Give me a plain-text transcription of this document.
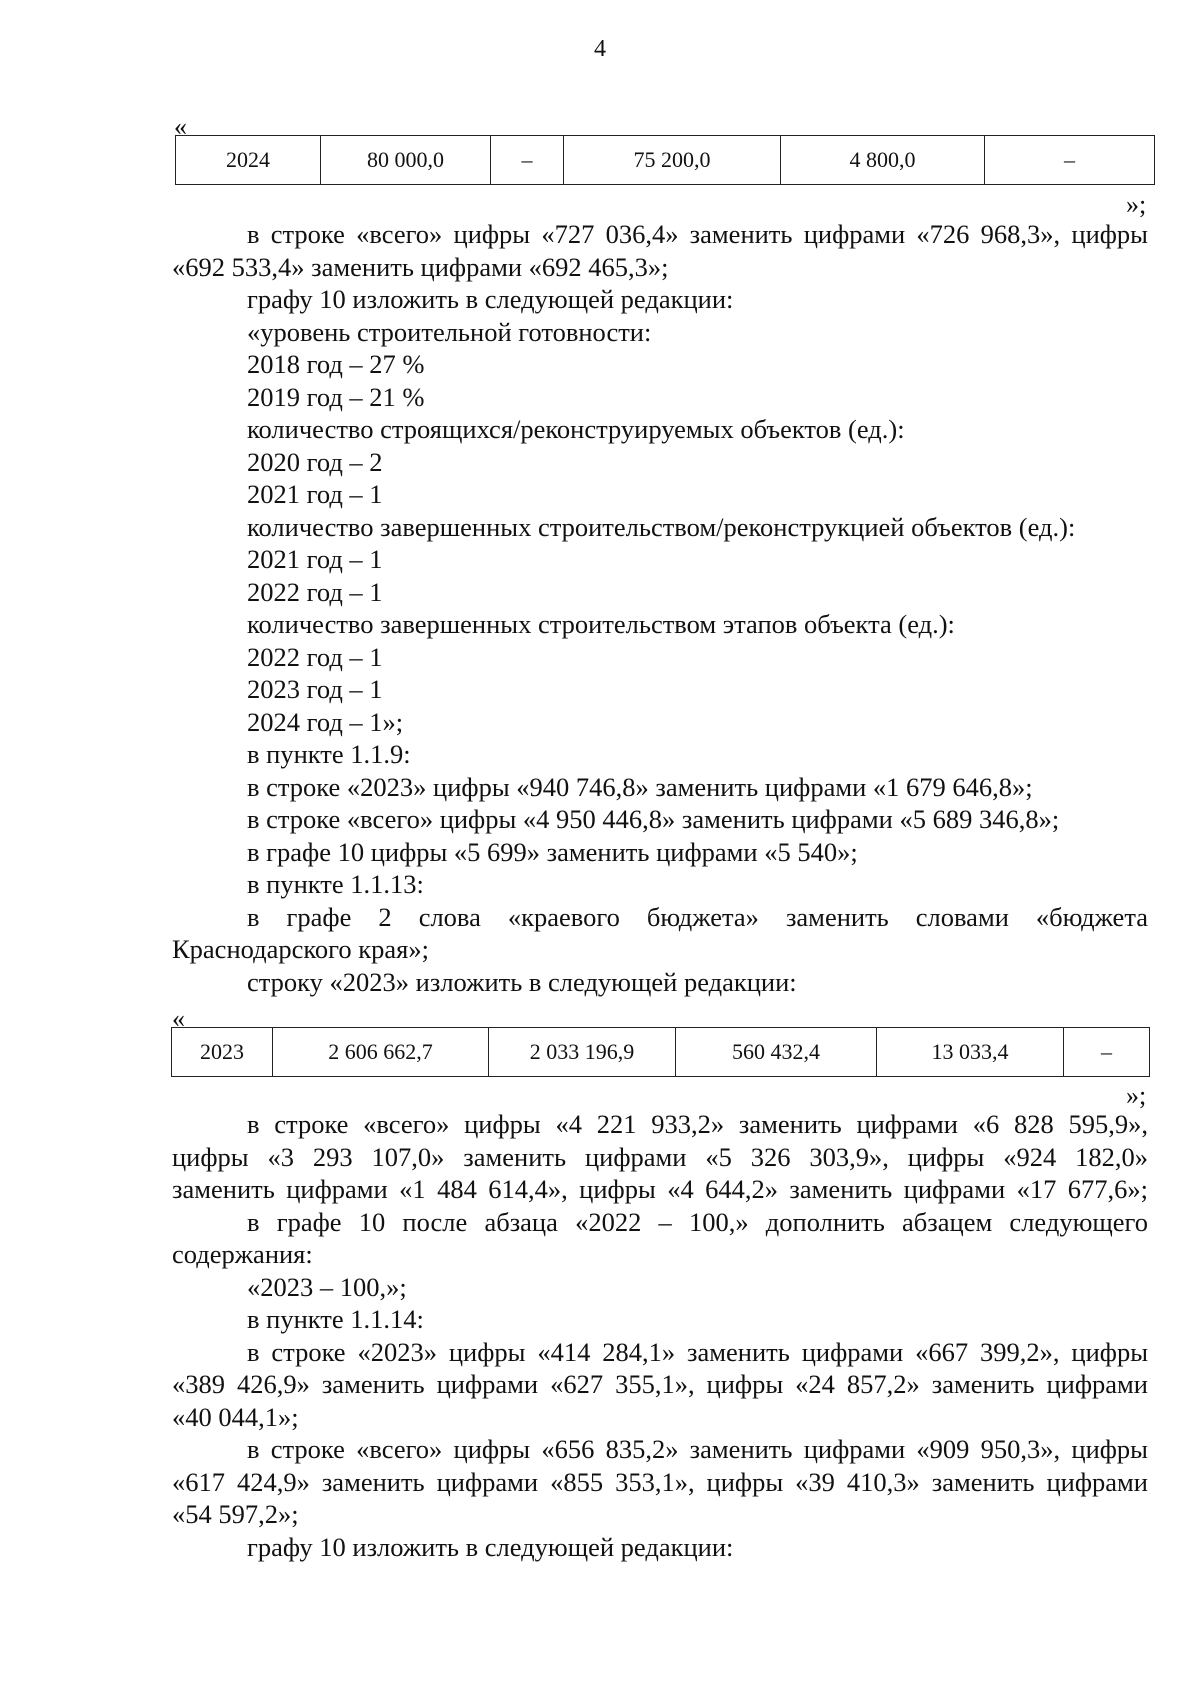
4
«
2024	80 000,0	–	75 200,0	4 800,0	–
»;
в строке «всего» цифры «727 036,4» заменить цифрами «726 968,3», цифры
«692 533,4» заменить цифрами «692 465,3»;
графу 10 изложить в следующей редакции:
«уровень строительной готовности:
2018 год – 27 %
2019 год – 21 %
количество строящихся/реконструируемых объектов (ед.):
2020 год – 2
2021 год – 1
количество завершенных строительством/реконструкцией объектов (ед.):
2021 год – 1
2022 год – 1
количество завершенных строительством этапов объекта (ед.):
2022 год – 1
2023 год – 1
2024 год – 1»;
в пункте 1.1.9:
в строке «2023» цифры «940 746,8» заменить цифрами «1 679 646,8»;
в строке «всего» цифры «4 950 446,8» заменить цифрами «5 689 346,8»;
в графе 10 цифры «5 699» заменить цифрами «5 540»;
в пункте 1.1.13:
в графе 2 слова «краевого бюджета» заменить словами «бюджета
Краснодарского края»;
строку «2023» изложить в следующей редакции:
«
2023	2 606 662,7	2 033 196,9	560 432,4	13 033,4	–
»;
в строке «всего» цифры «4 221 933,2» заменить цифрами «6 828 595,9»,
цифры «3 293 107,0» заменить цифрами «5 326 303,9», цифры «924 182,0»
заменить цифрами «1 484 614,4», цифры «4 644,2» заменить цифрами «17 677,6»;
в графе 10 после абзаца «2022 – 100,» дополнить абзацем следующего
содержания:
«2023 – 100,»;
в пункте 1.1.14:
в строке «2023» цифры «414 284,1» заменить цифрами «667 399,2», цифры
«389 426,9» заменить цифрами «627 355,1», цифры «24 857,2» заменить цифрами
«40 044,1»;
в строке «всего» цифры «656 835,2» заменить цифрами «909 950,3», цифры
«617 424,9» заменить цифрами «855 353,1», цифры «39 410,3» заменить цифрами
«54 597,2»;
графу 10 изложить в следующей редакции:
